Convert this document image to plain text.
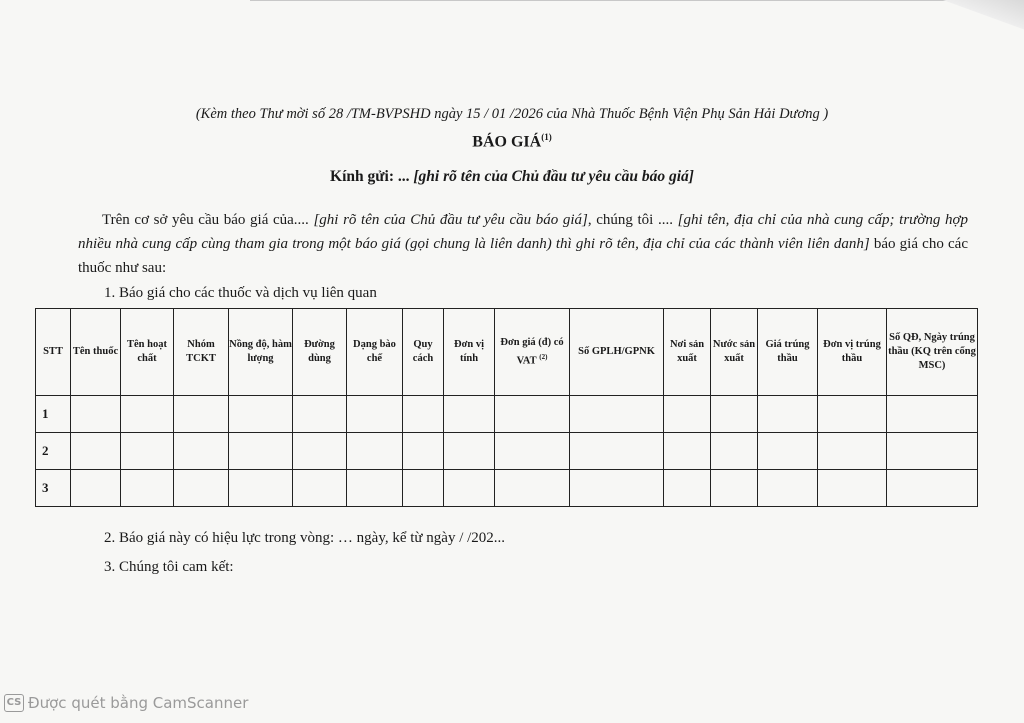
(Kèm theo Thư mời số 28 /TM-BVPSHD ngày 15 / 01 /2026 của Nhà Thuốc Bệnh Viện Phụ Sản Hải Dương )
BÁO GIÁ$^{(1)}$
Kính gửi: ... [ghi rõ tên của Chủ đầu tư yêu cầu báo giá]
Trên cơ sở yêu cầu báo giá của.... [ghi rõ tên của Chủ đầu tư yêu cầu báo giá], chúng tôi .... [ghi tên, địa chỉ của nhà cung cấp; trường hợp nhiều nhà cung cấp cùng tham gia trong một báo giá (gọi chung là liên danh) thì ghi rõ tên, địa chỉ của các thành viên liên danh] báo giá cho các thuốc như sau:
1. Báo giá cho các thuốc và dịch vụ liên quan
STT	Tên thuốc	Tên hoạt chất	Nhóm TCKT	Nồng độ, hàm lượng	Đường dùng	Dạng bào chế	Quy cách	Đơn vị tính	Đơn giá (đ) có VAT $^{(2)}$	Số GPLH/GPNK	Nơi sản xuất	Nước sản xuất	Giá trúng thầu	Đơn vị trúng thầu	Số QĐ, Ngày trúng thầu (KQ trên cổng MSC)
1															
2															
3															
2. Báo giá này có hiệu lực trong vòng: … ngày, kể từ ngày / /202...
3. Chúng tôi cam kết:
CS Được quét bằng CamScanner
